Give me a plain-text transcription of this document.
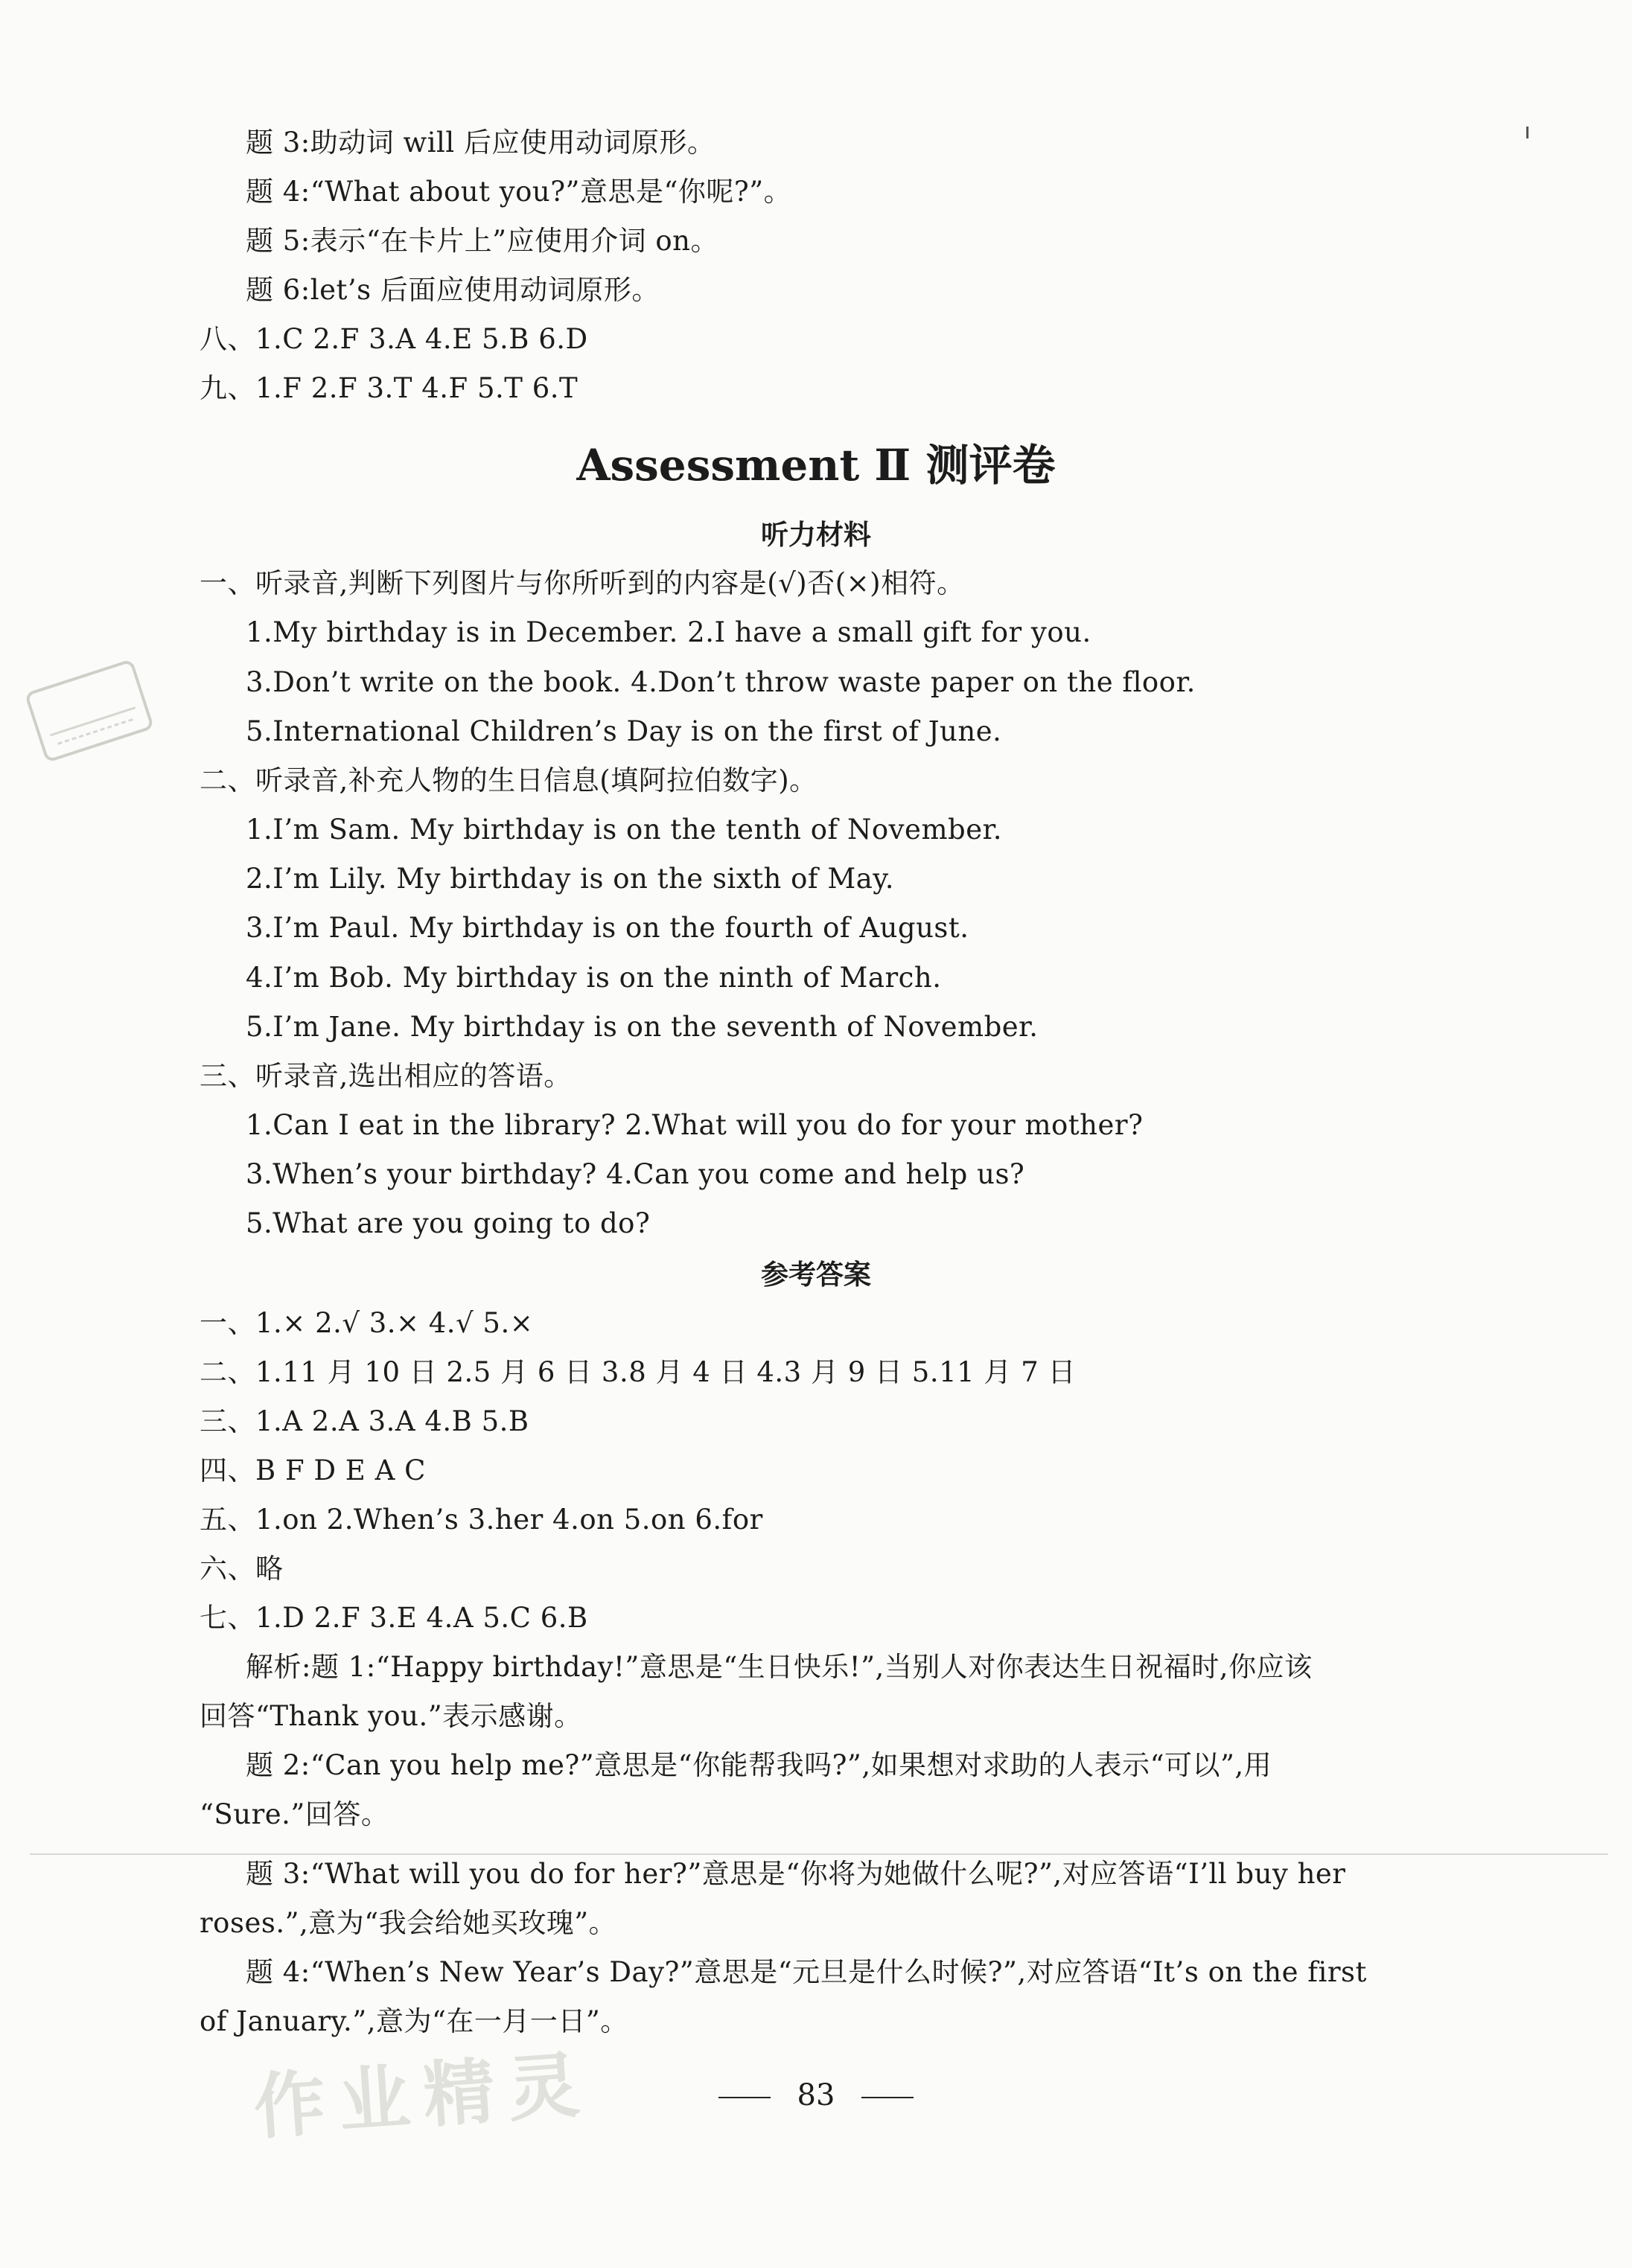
题 3:助动词 will 后应使用动词原形。
题 4:“What about you?”意思是“你呢?”。
题 5:表示“在卡片上”应使用介词 on。
题 6:let’s 后面应使用动词原形。
八、1.C 2.F 3.A 4.E 5.B 6.D
九、1.F 2.F 3.T 4.F 5.T 6.T
Assessment Ⅱ 测评卷
听力材料
一、听录音,判断下列图片与你所听到的内容是(√)否(×)相符。
1.My birthday is in December. 2.I have a small gift for you.
3.Don’t write on the book. 4.Don’t throw waste paper on the floor.
5.International Children’s Day is on the first of June.
二、听录音,补充人物的生日信息(填阿拉伯数字)。
1.I’m Sam. My birthday is on the tenth of November.
2.I’m Lily. My birthday is on the sixth of May.
3.I’m Paul. My birthday is on the fourth of August.
4.I’m Bob. My birthday is on the ninth of March.
5.I’m Jane. My birthday is on the seventh of November.
三、听录音,选出相应的答语。
1.Can I eat in the library? 2.What will you do for your mother?
3.When’s your birthday? 4.Can you come and help us?
5.What are you going to do?
参考答案
一、1.× 2.√ 3.× 4.√ 5.×
二、1.11 月 10 日 2.5 月 6 日 3.8 月 4 日 4.3 月 9 日 5.11 月 7 日
三、1.A 2.A 3.A 4.B 5.B
四、B F D E A C
五、1.on 2.When’s 3.her 4.on 5.on 6.for
六、略
七、1.D 2.F 3.E 4.A 5.C 6.B
解析:题 1:“Happy birthday!”意思是“生日快乐!”,当别人对你表达生日祝福时,你应该
回答“Thank you.”表示感谢。
题 2:“Can you help me?”意思是“你能帮我吗?”,如果想对求助的人表示“可以”,用
“Sure.”回答。
题 3:“What will you do for her?”意思是“你将为她做什么呢?”,对应答语“I’ll buy her
roses.”,意为“我会给她买玫瑰”。
题 4:“When’s New Year’s Day?”意思是“元旦是什么时候?”,对应答语“It’s on the first
of January.”,意为“在一月一日”。
作业精灵	83
